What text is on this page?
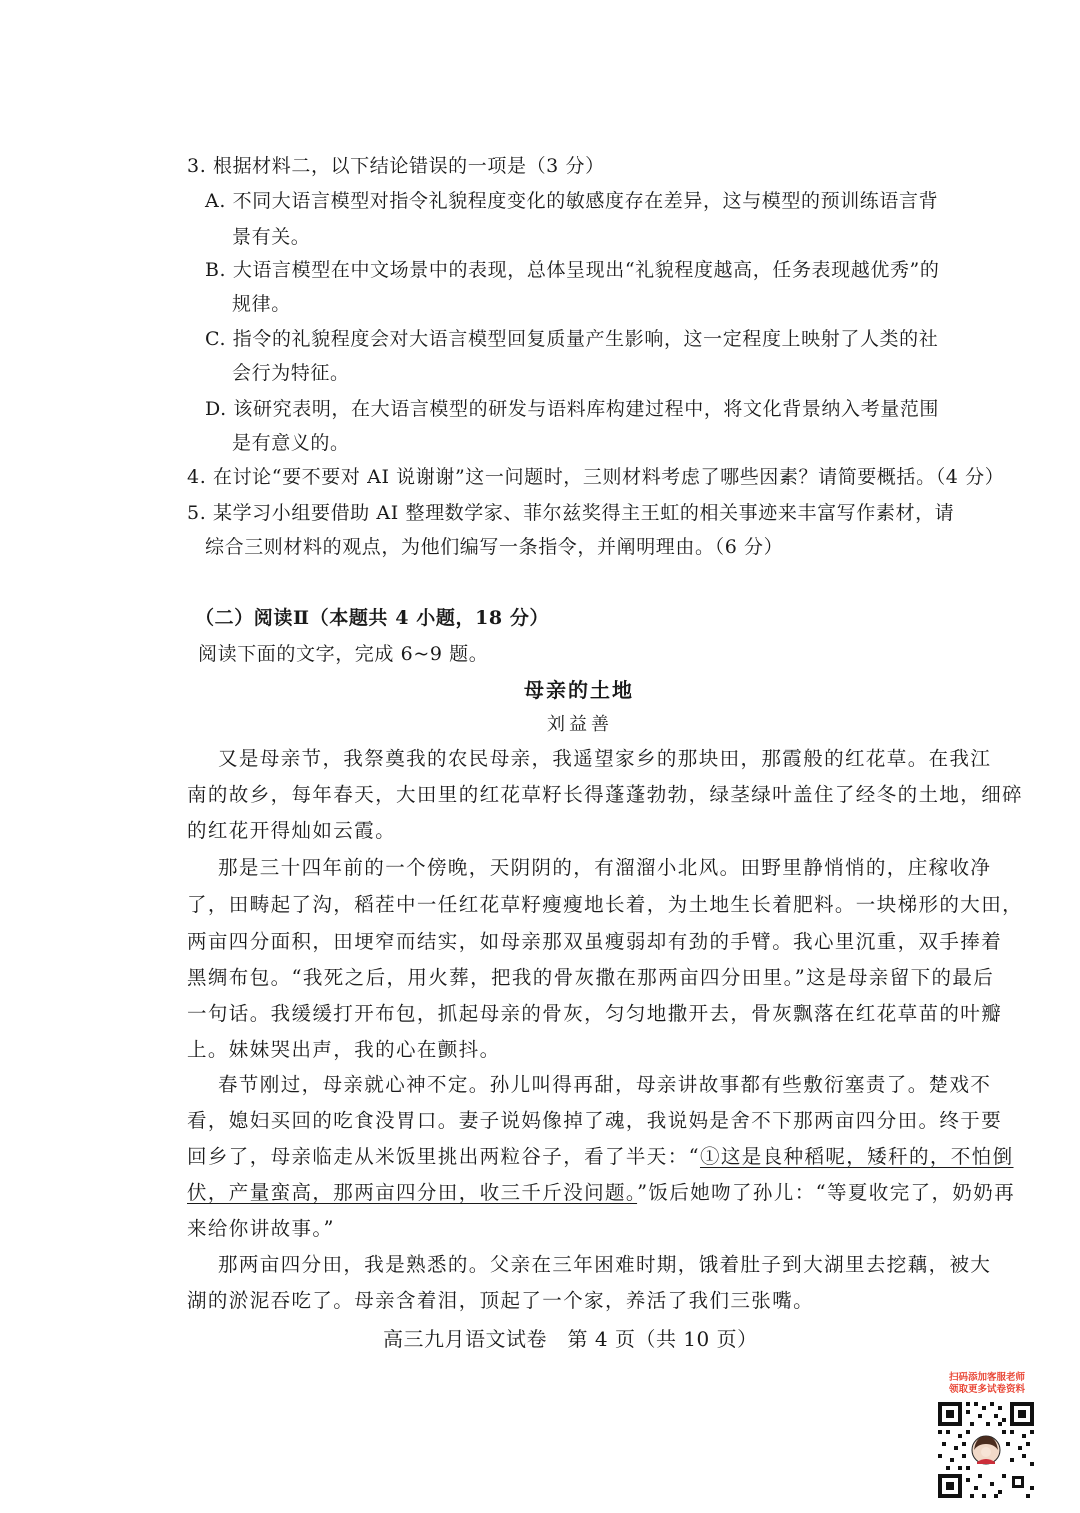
3. 根据材料二，以下结论错误的一项是（3 分）
A. 不同大语言模型对指令礼貌程度变化的敏感度存在差异，这与模型的预训练语言背
景有关。
B. 大语言模型在中文场景中的表现，总体呈现出“礼貌程度越高，任务表现越优秀”的
规律。
C. 指令的礼貌程度会对大语言模型回复质量产生影响，这一定程度上映射了人类的社
会行为特征。
D. 该研究表明，在大语言模型的研发与语料库构建过程中，将文化背景纳入考量范围
是有意义的。
4. 在讨论“要不要对 AI 说谢谢”这一问题时，三则材料考虑了哪些因素？请简要概括。（4 分）
5. 某学习小组要借助 AI 整理数学家、菲尔兹奖得主王虹的相关事迹来丰富写作素材，请
综合三则材料的观点，为他们编写一条指令，并阐明理由。（6 分）
（二）阅读Ⅱ（本题共 4 小题，18 分）
阅读下面的文字，完成 6~9 题。
母亲的土地
刘益善
又是母亲节，我祭奠我的农民母亲，我遥望家乡的那块田，那霞般的红花草。在我江
南的故乡，每年春天，大田里的红花草籽长得蓬蓬勃勃，绿茎绿叶盖住了经冬的土地，细碎
的红花开得灿如云霞。
那是三十四年前的一个傍晚，天阴阴的，有溜溜小北风。田野里静悄悄的，庄稼收净
了，田畴起了沟，稻茬中一任红花草籽瘦瘦地长着，为土地生长着肥料。一块梯形的大田，
两亩四分面积，田埂窄而结实，如母亲那双虽瘦弱却有劲的手臂。我心里沉重，双手捧着
黑绸布包。“我死之后，用火葬，把我的骨灰撒在那两亩四分田里。”这是母亲留下的最后
一句话。我缓缓打开布包，抓起母亲的骨灰，匀匀地撒开去，骨灰飘落在红花草苗的叶瓣
上。妹妹哭出声，我的心在颤抖。
春节刚过，母亲就心神不定。孙儿叫得再甜，母亲讲故事都有些敷衍塞责了。楚戏不
看，媳妇买回的吃食没胃口。妻子说妈像掉了魂，我说妈是舍不下那两亩四分田。终于要
回乡了，母亲临走从米饭里挑出两粒谷子，看了半天：“①这是良种稻呢，矮秆的，不怕倒
伏，产量蛮高，那两亩四分田，收三千斤没问题。”饭后她吻了孙儿：“等夏收完了，奶奶再
来给你讲故事。”
那两亩四分田，我是熟悉的。父亲在三年困难时期，饿着肚子到大湖里去挖藕，被大
湖的淤泥吞吃了。母亲含着泪，顶起了一个家，养活了我们三张嘴。
高三九月语文试卷　第 4 页（共 10 页）
扫码添加客服老师
领取更多试卷资料
